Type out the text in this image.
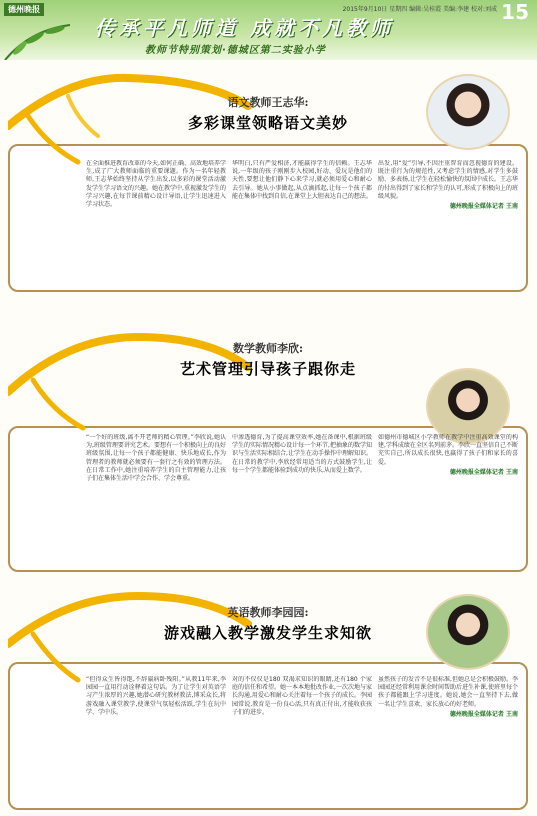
德州晚报	2015年9月10日 星期四 编辑:吴桂霞 美编:李建 校对:刘成 15
传承平凡师道 成就不凡教师
教师节特别策划·德城区第二实验小学
语文教师王志华:
多彩课堂领略语文美妙
在全面推进教育改革的今天,如何正确、高效地培养学生,成了广大教师面临的重要课题。作为一名年轻教师,王志华始终坚持从学生出发,以多彩的课堂活动激发学生学习语文的兴趣。她在教学中,重视激发学生的学习兴趣,在每节课前精心设计导语,让学生迅速进入学习状态。
华明白,只有严爱相济,才能赢得学生的信赖。王志华说,一年级的孩子刚刚步入校园,好动、爱玩是他们的天性,要想让他们静下心来学习,就必须用爱心和耐心去引导。她从小事做起,从点滴抓起,让每一个孩子都能在集体中找到自信,在课堂上大胆表达自己的想法。
出发,用“爱”引导,不因注重智育而忽视德育的建设。既注重行为的规范性,又考虑学生的情感,对学生多鼓励、多表扬,让学生在轻松愉快的氛围中成长。王志华的付出得到了家长和学生的认可,形成了积极向上的班级风貌。
德州晚报全媒体记者 王南
数学教师李欣:
艺术管理引导孩子跟你走
“一个好的班级,离不开老师的精心管理。”李欣说,她认为,班级管理要讲究艺术。要想有一个积极向上的良好班级氛围,让每一个孩子都能健康、快乐地成长,作为管理者的教师就必须要有一套行之有效的管理方法。在日常工作中,她注重培养学生的自主管理能力,让孩子们在集体生活中学会合作、学会尊重。
中渗透德育,为了提高课堂效率,她在备课中,根据班级学生的实际情况精心设计每一个环节,把抽象的数学知识与生活实际相结合,让学生在动手操作中理解知识。在日常的教学中,李欣经常用适当的方式鼓励学生,让每一个学生都能体验到成功的快乐,从而爱上数学。
如德州市德城区小学教师在教学中注重高效课堂的构建,学科成绩在全区名列前茅。李欣一直坚信自己不断充实自己,所以成长很快,也赢得了孩子们和家长的喜爱。
德州晚报全媒体记者 王南
英语教师李园园:
游戏融入教学激发学生求知欲
“但得众生皆得饱,不辞羸病卧残阳。”从教11年来,李园园一直用行动诠释着这句话。为了让学生对英语学习产生浓厚的兴趣,她潜心研究教材教法,博采众长,将游戏融入课堂教学,使课堂气氛轻松活跃,学生在玩中学、学中乐。
对的不仅仅是180 双渴求知识的眼睛,还有180 个家庭的信任和希望。她一本本地批改作业,一次次地与家长沟通,用爱心和耐心关注着每一个孩子的成长。李园园常说,教育是一份良心活,只有真正付出,才能收获孩子们的进步。
虽然孩子的发音不是很标准,但她总是会积极鼓励。李园园还经常利用课余时间帮助后进生补课,使班里每个孩子都能跟上学习进度。她说,她会一直坚持下去,做一名让学生喜欢、家长放心的好老师。
德州晚报全媒体记者 王南
